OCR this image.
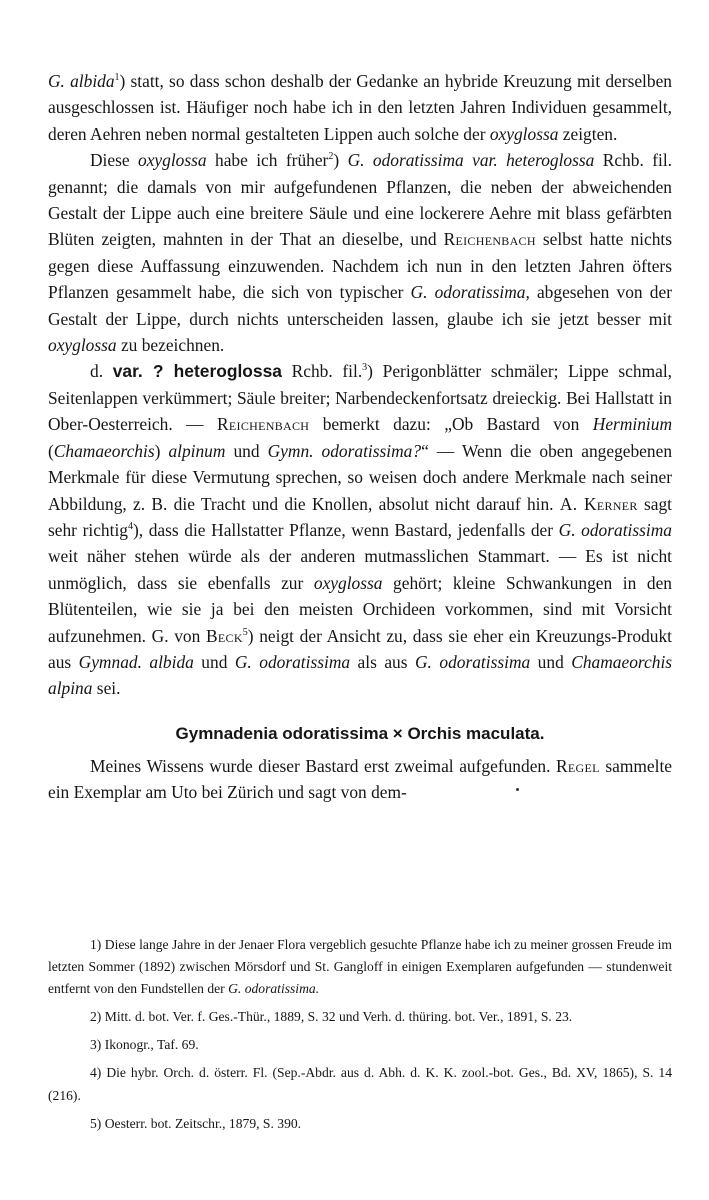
G. albida$^1$) statt, so dass schon deshalb der Gedanke an hybride Kreuzung mit derselben ausgeschlossen ist. Häufiger noch habe ich in den letzten Jahren Individuen gesammelt, deren Aehren neben normal gestalteten Lippen auch solche der oxyglossa zeigten.

Diese oxyglossa habe ich früher$^2$) G. odoratissima var. heteroglossa Rchb. fil. genannt; die damals von mir aufgefundenen Pflanzen, die neben der abweichenden Gestalt der Lippe auch eine breitere Säule und eine lockerere Aehre mit blass gefärbten Blüten zeigten, mahnten in der That an dieselbe, und Reichenbach selbst hatte nichts gegen diese Auffassung einzuwenden. Nachdem ich nun in den letzten Jahren öfters Pflanzen gesammelt habe, die sich von typischer G. odoratissima, abgesehen von der Gestalt der Lippe, durch nichts unterscheiden lassen, glaube ich sie jetzt besser mit oxyglossa zu bezeichnen.

d. var. ? heteroglossa Rchb. fil.$^3$) Perigonblätter schmäler; Lippe schmal, Seitenlappen verkümmert; Säule breiter; Narbendeckenfortsatz dreieckig. Bei Hallstatt in Ober-Oesterreich. — Reichenbach bemerkt dazu: „Ob Bastard von Herminium (Chamaeorchis) alpinum und Gymn. odoratissima?“ — Wenn die oben angegebenen Merkmale für diese Vermutung sprechen, so weisen doch andere Merkmale nach seiner Abbildung, z. B. die Tracht und die Knollen, absolut nicht darauf hin. A. Kerner sagt sehr richtig$^4$), dass die Hallstatter Pflanze, wenn Bastard, jedenfalls der G. odoratissima weit näher stehen würde als der anderen mutmasslichen Stammart. — Es ist nicht unmöglich, dass sie ebenfalls zur oxyglossa gehört; kleine Schwankungen in den Blütenteilen, wie sie ja bei den meisten Orchideen vorkommen, sind mit Vorsicht aufzunehmen. G. von Beck$^5$) neigt der Ansicht zu, dass sie eher ein Kreuzungs-Produkt aus Gymnad. albida und G. odoratissima als aus G. odoratissima und Chamaeorchis alpina sei.

Gymnadenia odoratissima × Orchis maculata.

Meines Wissens wurde dieser Bastard erst zweimal aufgefunden. Regel sammelte ein Exemplar am Uto bei Zürich und sagt von dem-

1) Diese lange Jahre in der Jenaer Flora vergeblich gesuchte Pflanze habe ich zu meiner grossen Freude im letzten Sommer (1892) zwischen Mörsdorf und St. Gangloff in einigen Exemplaren aufgefunden — stundenweit entfernt von den Fundstellen der G. odoratissima.

2) Mitt. d. bot. Ver. f. Ges.-Thür., 1889, S. 32 und Verh. d. thüring. bot. Ver., 1891, S. 23.

3) Ikonogr., Taf. 69.

4) Die hybr. Orch. d. österr. Fl. (Sep.-Abdr. aus d. Abh. d. K. K. zool.-bot. Ges., Bd. XV, 1865), S. 14 (216).

5) Oesterr. bot. Zeitschr., 1879, S. 390.
